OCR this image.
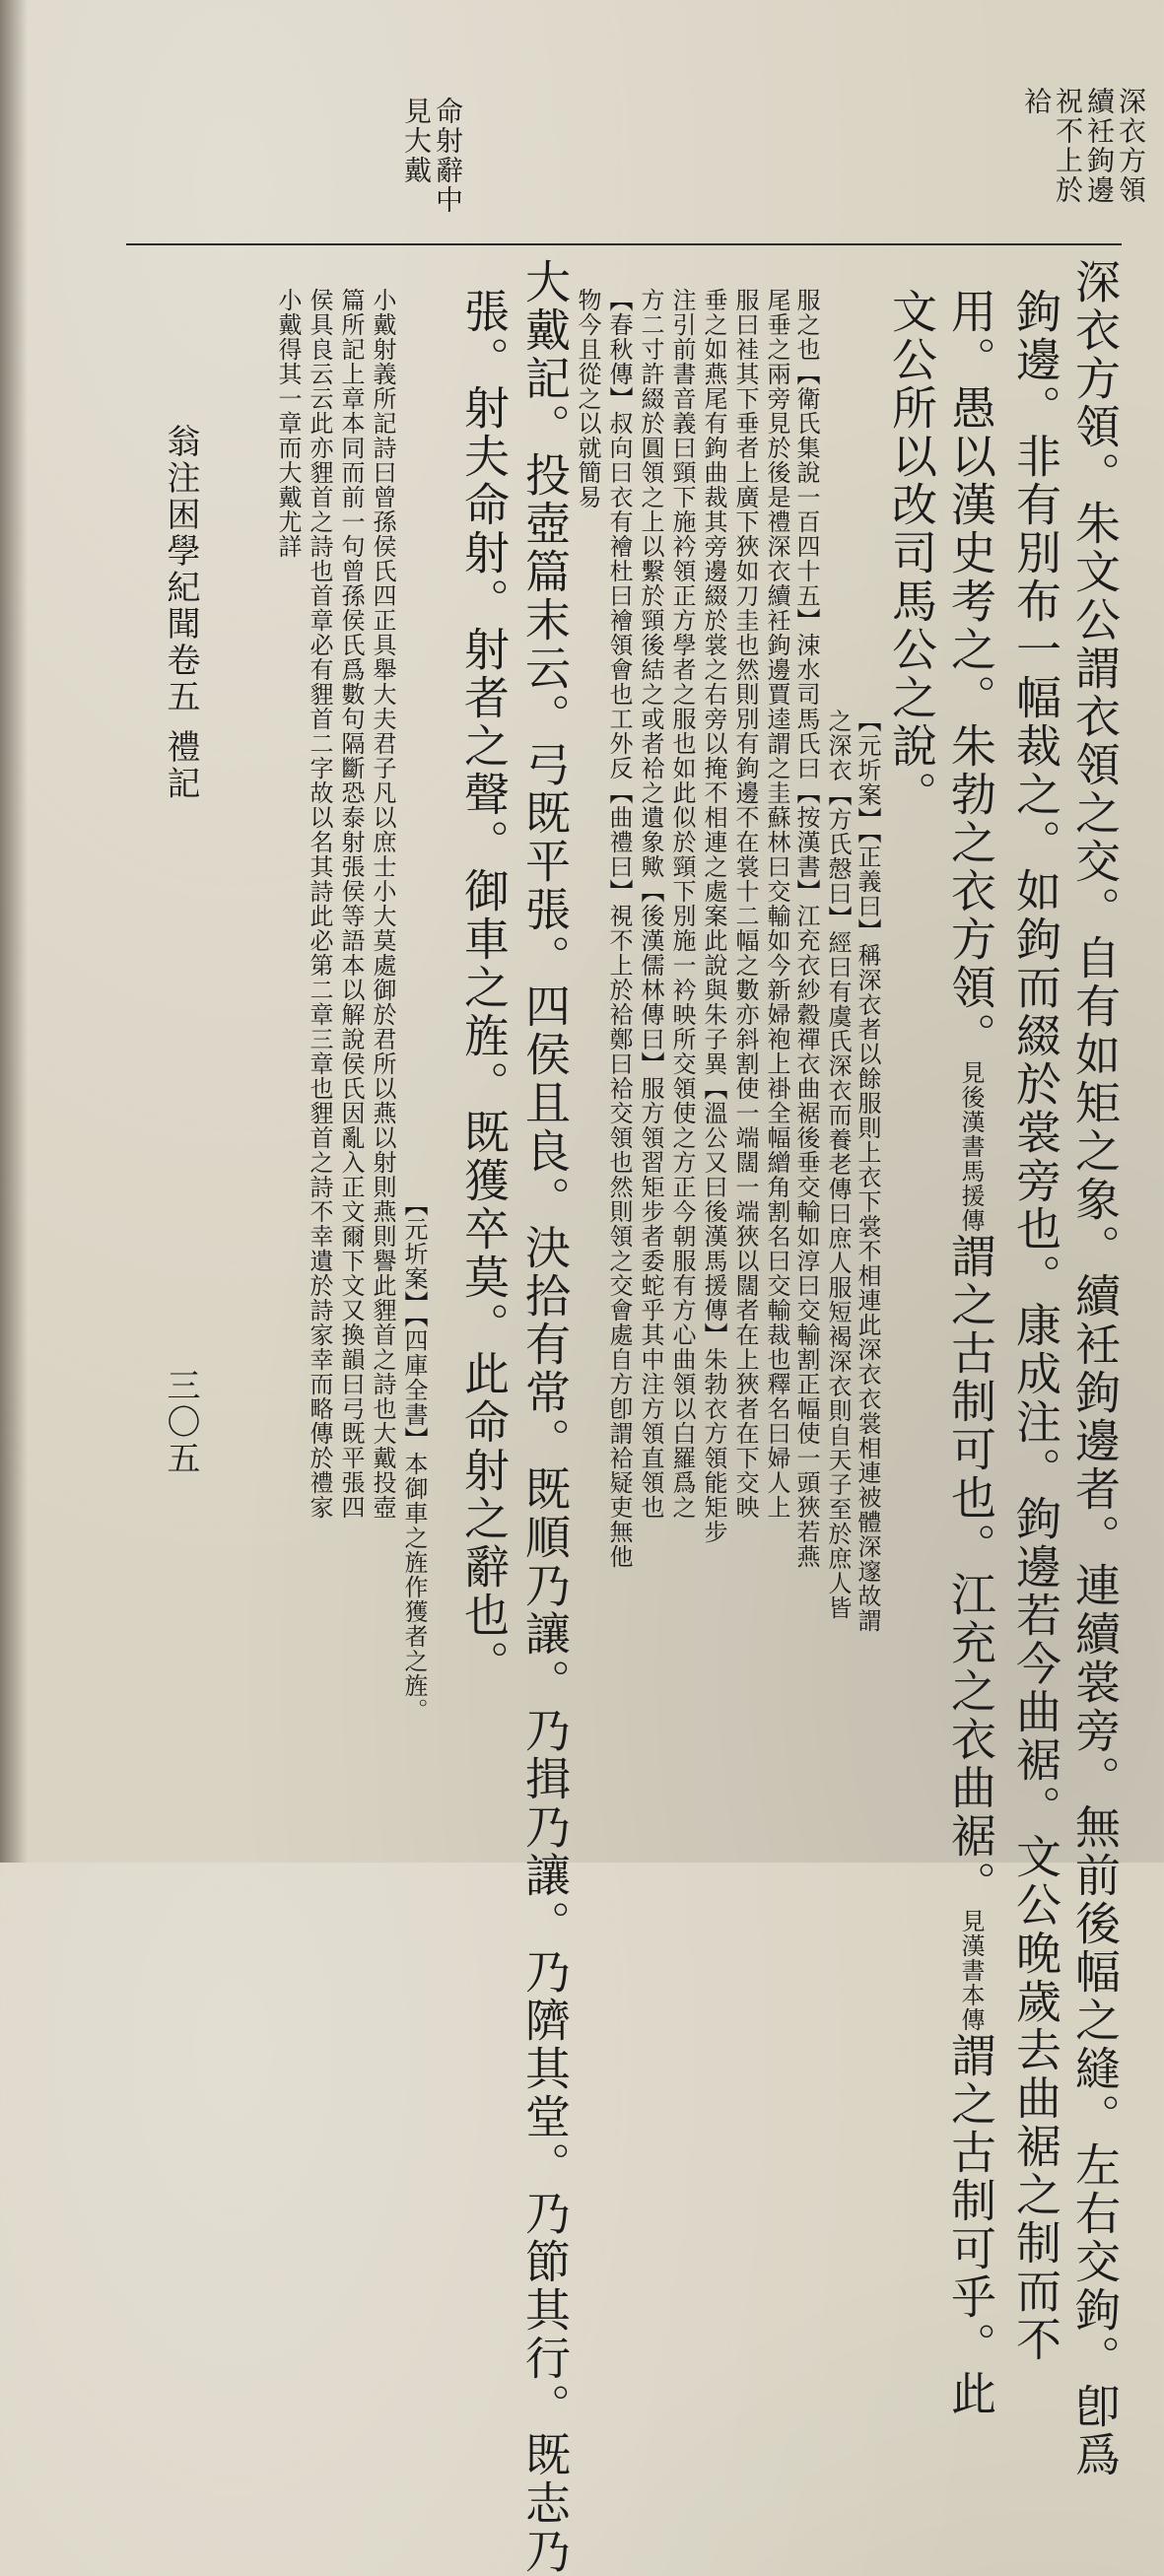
深衣方領
續衽鉤邊
祝不上於
袷
命射辭中
見大戴
深衣方領。朱文公謂衣領之交。自有如矩之象。續衽鉤邊者。連續裳旁。無前後幅之縫。左右交鉤。卽爲
鉤邊。非有別布一幅裁之。如鉤而綴於裳旁也。康成注。鉤邊若今曲裾。文公晚歲去曲裾之制而不
用。愚以漢史考之。朱勃之衣方領。見後漢書馬援傳謂之古制可也。江充之衣曲裾。見漢書本傳謂之古制可乎。此
文公所以改司馬公之說。
【元圻案】【正義曰】稱深衣者以餘服則上衣下裳不相連此深衣衣裳相連被體深邃故謂
之深衣【方氏慤曰】經曰有虞氏深衣而養老傳曰庶人服短褐深衣則自天子至於庶人皆
服之也【衛氏集說一百四十五】涑水司馬氏曰【按漢書】江充衣紗縠禪衣曲裾後垂交輸如淳曰交輸割正幅使一頭狹若燕
尾垂之兩旁見於後是禮深衣續衽鉤邊賈逵謂之圭蘇林曰交輸如今新婦袍上褂全幅繒角割名曰交輸裁也釋名曰婦人上
服曰袿其下垂者上廣下狹如刀圭也然則別有鉤邊不在裳十二幅之數亦斜割使一端闊一端狹以闊者在上狹者在下交映
垂之如燕尾有鉤曲裁其旁邊綴於裳之右旁以掩不相連之處案此說與朱子異【溫公又曰後漢馬援傳】朱勃衣方領能矩步
注引前書音義曰頸下施衿領正方學者之服也如此似於頸下別施一衿映所交領使之方正今朝服有方心曲領以白羅爲之
方二寸許綴於圓領之上以繫於頸後結之或者袷之遺象歟【後漢儒林傳曰】服方領習矩步者委蛇乎其中注方領直領也
【春秋傳】叔向曰衣有襘杜曰襘領會也工外反【曲禮曰】視不上於袷鄭曰袷交領也然則領之交會處自方卽謂袷疑吏無他
物今且從之以就簡易
大戴記。投壺篇末云。弓既平張。四侯且良。決拾有常。既順乃讓。乃揖乃讓。乃隮其堂。乃節其行。既志乃
張。射夫命射。射者之聲。御車之旌。既獲卒莫。此命射之辭也。
【元圻案】【四庫全書】本御車之旌作獲者之旌。
小戴射義所記詩曰曾孫侯氏四正具舉大夫君子凡以庶士小大莫處御於君所以燕以射則燕則譽此貍首之詩也大戴投壺
篇所記上章本同而前一句曾孫侯氏爲數句隔斷恐泰射張侯等語本以解說侯氏因亂入正文爾下文又換韻曰弓既平張四
侯具良云云此亦貍首之詩也首章必有貍首二字故以名其詩此必第二章三章也貍首之詩不幸遺於詩家幸而略傳於禮家
小戴得其一章而大戴尤詳
翁注困學紀聞
卷五
禮記
三〇五
